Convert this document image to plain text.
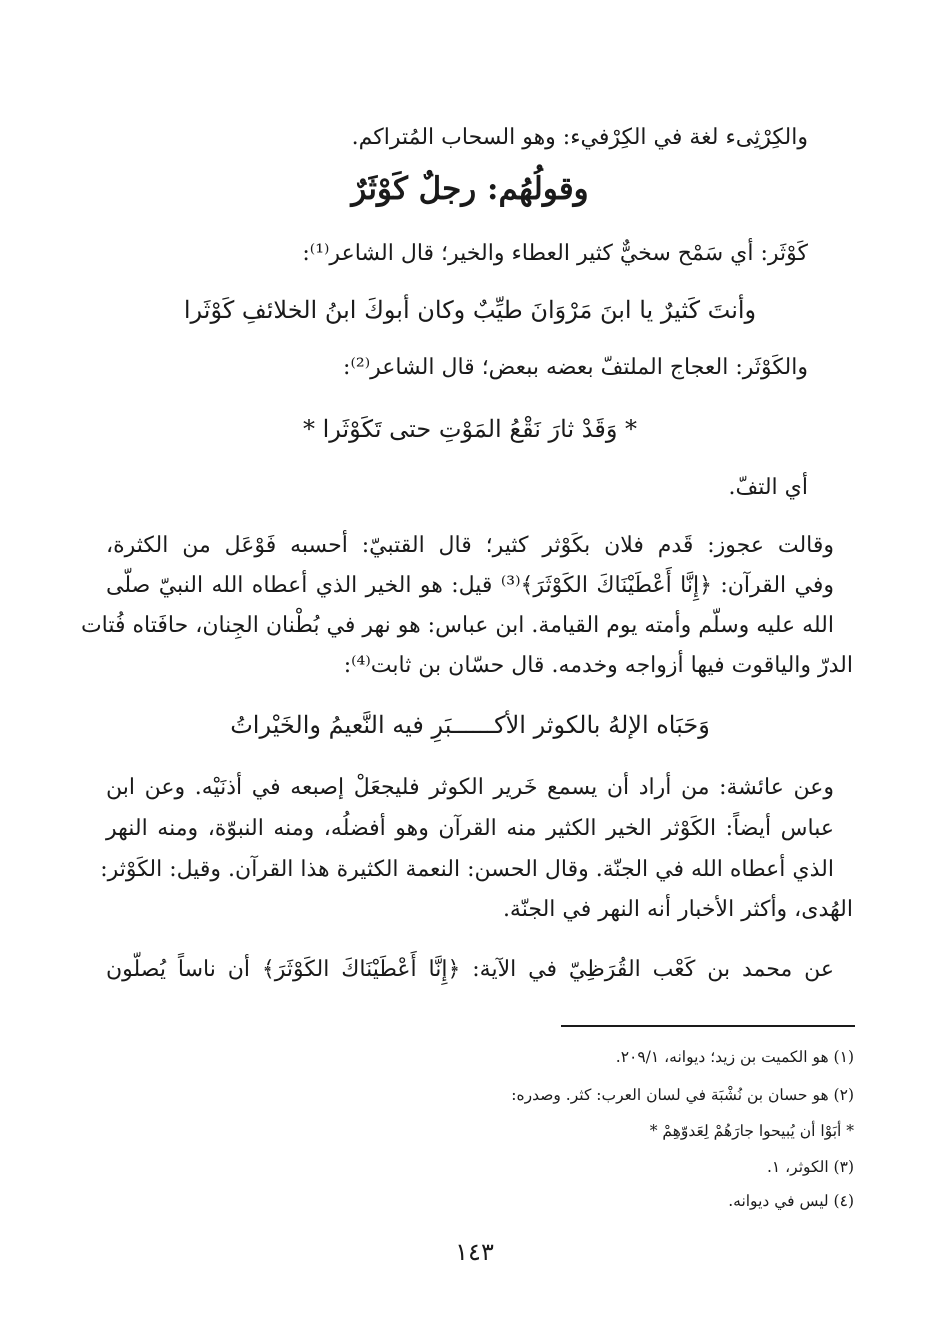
والكِرْثِىء لغة في الكِرْفيء: وهو السحاب المُتراكم.
وقولُهُم: رجلٌ كَوْثَرٌ
كَوْثَر: أي سَمْح سخيٌّ كثير العطاء والخير؛ قال الشاعر⁽¹⁾:
وأنتَ كَثيرٌ يا ابنَ مَرْوَانَ طيِّبٌ وكان أبوكَ ابنُ الخلائفِ كَوْثَرا
والكَوْثَر: العجاج الملتفّ بعضه ببعض؛ قال الشاعر⁽²⁾:
* وَقَدْ ثارَ نَقْعُ المَوْتِ حتى تَكَوْثَرا *
أي التفّ.
وقالت عجوز: قَدم فلان بكَوْثر كثير؛ قال القتبيّ: أحسبه فَوْعَل من الكثرة،
وفي القرآن: ﴿إِنَّا أَعْطَيْنَاكَ الكَوْثَرَ﴾⁽³⁾ قيل: هو الخير الذي أعطاه الله النبيّ صلّى
الله عليه وسلّم وأمته يوم القيامة. ابن عباس: هو نهر في بُطْنان الجِنان، حافَتاه فُتات
الدرّ والياقوت فيها أزواجه وخدمه. قال حسّان بن ثابت⁽⁴⁾:
وَحَبَاه الإلهُ بالكوثر الأكــــــبَرِ فيه النَّعيمُ والخَيْراتُ
وعن عائشة: من أراد أن يسمع خَرير الكوثر فليجعَلْ إصبعه في أذنَيْه. وعن ابن
عباس أيضاً: الكَوْثر الخير الكثير منه القرآن وهو أفضلُه، ومنه النبوّة، ومنه النهر
الذي أعطاه الله في الجنّة. وقال الحسن: النعمة الكثيرة هذا القرآن. وقيل: الكَوْثر:
الهُدى، وأكثر الأخبار أنه النهر في الجنّة.
عن محمد بن كَعْب القُرَظِيّ في الآية: ﴿إِنَّا أَعْطَيْنَاكَ الكَوْثَرَ﴾ أن ناساً يُصلّون
(١) هو الكميت بن زيد؛ ديوانه، ٢٠٩/١.
(٢) هو حسان بن نُشْبَة في لسان العرب: كثر. وصدره:
* أبَوْا أن يُبيحوا جارَهُمْ لِعَدوّهِمْ *
(٣) الكوثر، ١.
(٤) ليس في ديوانه.
١٤٣
